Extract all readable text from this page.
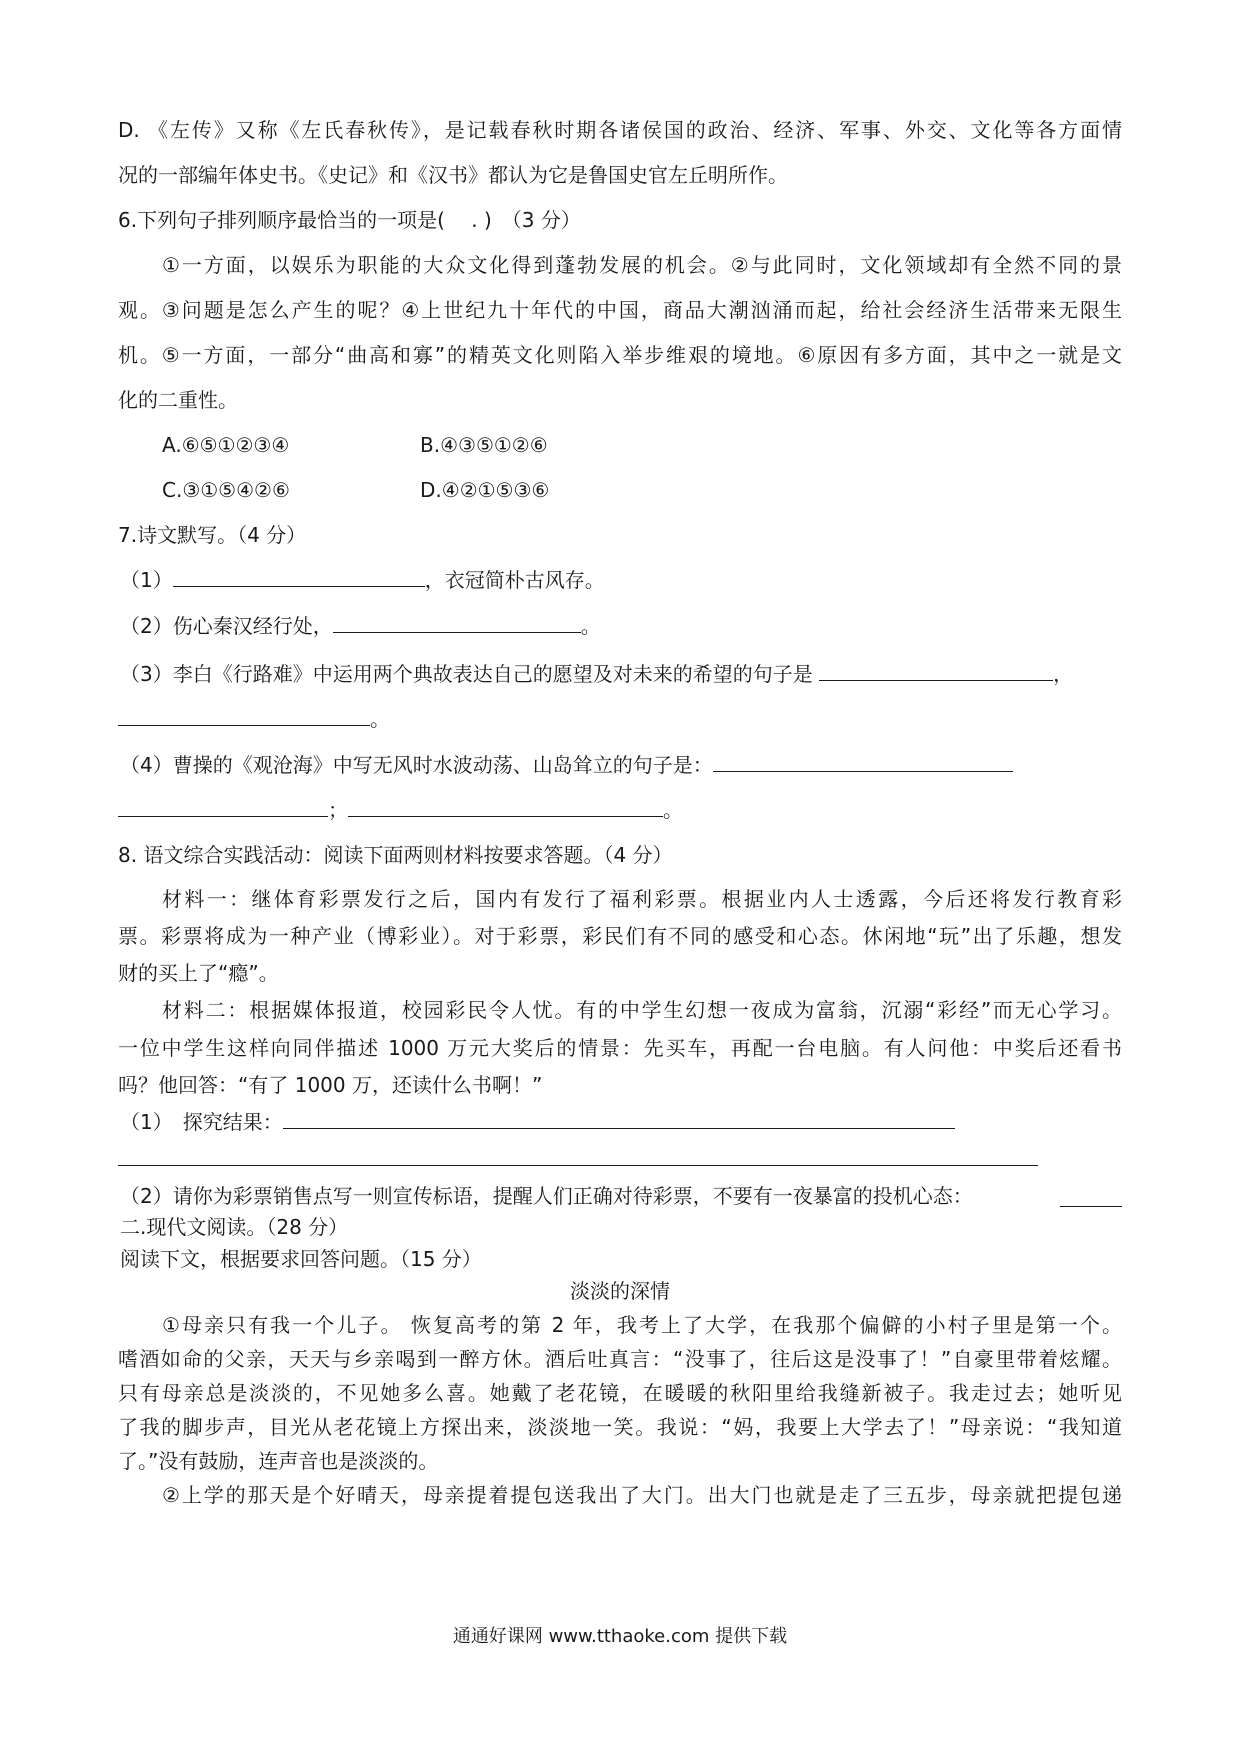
D. 《左传》又称《左氏春秋传》，是记载春秋时期各诸侯国的政治、经济、军事、外交、文化等各方面情
况的一部编年体史书。《史记》和《汉书》都认为它是鲁国史官左丘明所作。
6.下列句子排列顺序最恰当的一项是(　 . )　（3 分）
①一方面，以娱乐为职能的大众文化得到蓬勃发展的机会。②与此同时，文化领域却有全然不同的景
观。③问题是怎么产生的呢？④上世纪九十年代的中国，商品大潮汹涌而起，给社会经济生活带来无限生
机。⑤一方面，一部分“曲高和寡”的精英文化则陷入举步维艰的境地。⑥原因有多方面，其中之一就是文
化的二重性。
A.⑥⑤①②③④	B.④③⑤①②⑥
C.③①⑤④②⑥	D.④②①⑤③⑥
7.诗文默写。（4 分）
（1）	，衣冠简朴古风存。
（2）伤心秦汉经行处，	。
（3）李白《行路难》中运用两个典故表达自己的愿望及对未来的希望的句子是	，
。
（4）曹操的《观沧海》中写无风时水波动荡、山岛耸立的句子是：
；	。
8. 语文综合实践活动：阅读下面两则材料按要求答题。（4 分）
材料一：继体育彩票发行之后，国内有发行了福利彩票。根据业内人士透露，今后还将发行教育彩
票。彩票将成为一种产业（博彩业）。对于彩票，彩民们有不同的感受和心态。休闲地“玩”出了乐趣，想发
财的买上了“瘾”。
材料二：根据媒体报道，校园彩民令人忧。有的中学生幻想一夜成为富翁，沉溺“彩经”而无心学习。
一位中学生这样向同伴描述 1000 万元大奖后的情景：先买车，再配一台电脑。有人问他：中奖后还看书
吗？他回答：“有了 1000 万，还读什么书啊！”
（1）　探究结果：
（2）请你为彩票销售点写一则宣传标语，提醒人们正确对待彩票，不要有一夜暴富的投机心态：
二.现代文阅读。（28 分）
阅读下文，根据要求回答问题。（15 分）
淡淡的深情
①母亲只有我一个儿子。 恢复高考的第 2 年，我考上了大学，在我那个偏僻的小村子里是第一个。
嗜酒如命的父亲，天天与乡亲喝到一醉方休。酒后吐真言：“没事了，往后这是没事了！”自豪里带着炫耀。
只有母亲总是淡淡的，不见她多么喜。她戴了老花镜，在暖暖的秋阳里给我缝新被子。我走过去；她听见
了我的脚步声，目光从老花镜上方探出来，淡淡地一笑。我说：“妈，我要上大学去了！”母亲说：“我知道
了。”没有鼓励，连声音也是淡淡的。
②上学的那天是个好晴天，母亲提着提包送我出了大门。出大门也就是走了三五步，母亲就把提包递
通通好课网 www.tthaoke.com 提供下载
